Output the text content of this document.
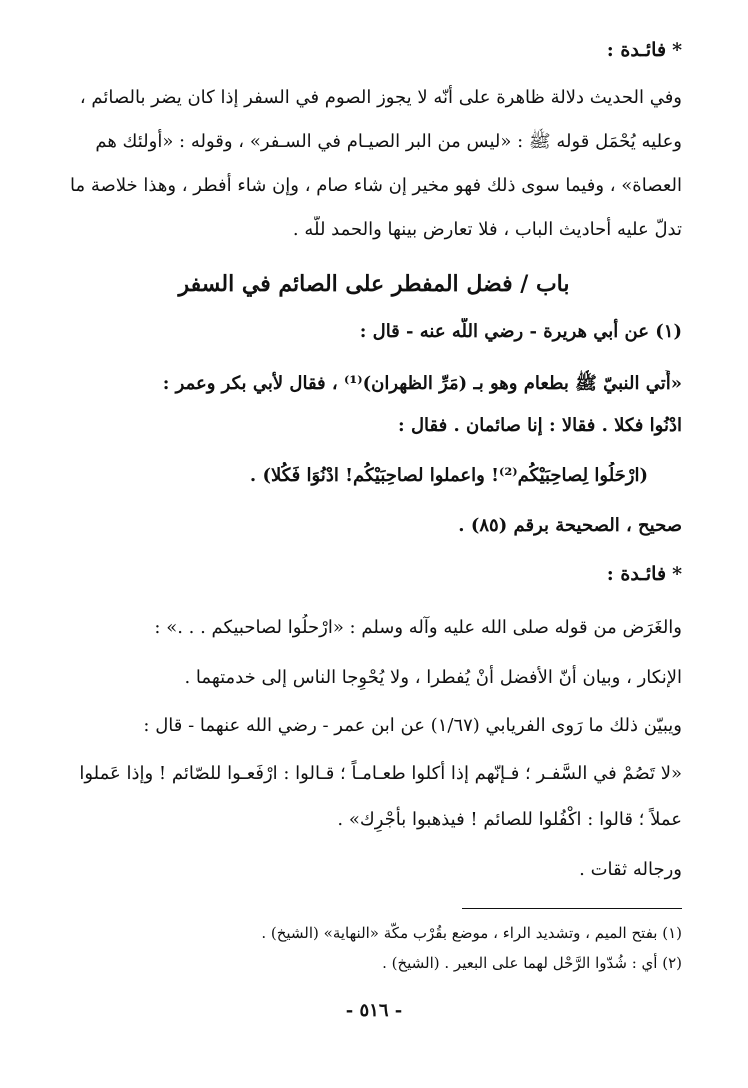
*فائـدة :
وفي الحديث دلالة ظاهرة على أنّه لا يجوز الصوم في السفر إذا كان يضر بالصائم ،
وعليه يُحْمَل قوله ﷺ : «ليس من البر الصيـام في السـفر» ، وقوله : «أولئك هم
العصاة» ، وفيما سوى ذلك فهو مخير إن شاء صام ، وإن شاء أفطر ، وهذا خلاصة ما
تدلّ عليه أحاديث الباب ، فلا تعارض بينها والحمد للّه .
باب / فضل المفطر على الصائم في السفر
(١) عن أبي هريرة - رضي اللّه عنه - قال :
«أُتي النبيّ ﷺ بطعام وهو بـ (مَرِّ الظهران)⁽¹⁾ ، فقال لأبي بكر وعمر :
ادْنُوا فكلا . فقالا : إنا صائمان . فقال :
(ارْحَلُوا لِصاحِبَيْكُم⁽²⁾! واعملوا لصاحِبَيْكُم! ادْنُوَا فَكُلا) .
صحيح ، الصحيحة برقم (٨٥) .
*فائـدة :
والغَرَض من قوله صلى الله عليه وآله وسلم : «ارْحلُوا لصاحبيكم . . .» :
الإنكار ، وبيان أنّ الأفضل أنْ يُفطرا ، ولا يُحْوِجا الناس إلى خدمتهما .
ويبيّن ذلك ما رَوى الفريابي (١/٦٧) عن ابن عمر - رضي الله عنهما - قال :
«لا تَصُمْ في السَّفـر ؛ فـإنّهم إذا أكلوا طعـامـاً ؛ قـالوا : ارْفَعـوا للصّائم ! وإذا عَملوا
عملاً ؛ قالوا : اكْفُلوا للصائم ! فيذهبوا بأجْرِك» .
ورجاله ثقات .
(١) بفتح الميم ، وتشديد الراء ، موضع بقُرْب مكّة «النهاية» (الشيخ) .
(٢) أي : شُدّوا الرَّحْل لهما على البعير . (الشيخ) .
- ٥١٦ -
